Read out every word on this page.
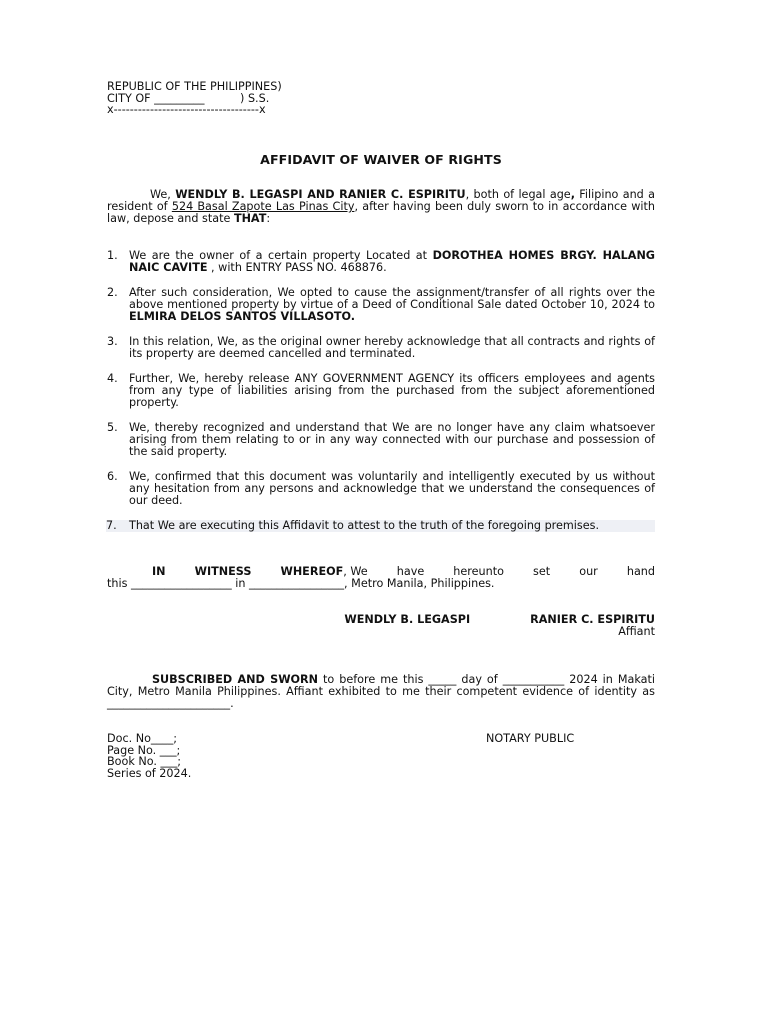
REPUBLIC OF THE PHILIPPINES)
CITY OF _________          ) S.S.
x------------------------------------x
AFFIDAVIT OF WAIVER OF RIGHTS
We, WENDLY B. LEGASPI AND RANIER C. ESPIRITU, both of legal age, Filipino and a resident of 524 Basal Zapote Las Pinas City, after having been duly sworn to in accordance with law, depose and state THAT:
1. We are the owner of a certain property Located at DOROTHEA HOMES BRGY. HALANG NAIC CAVITE , with ENTRY PASS NO. 468876.
2. After such consideration, We opted to cause the assignment/transfer of all rights over the above mentioned property by virtue of a Deed of Conditional Sale dated October 10, 2024 to ELMIRA DELOS SANTOS VILLASOTO.
3. In this relation, We, as the original owner hereby acknowledge that all contracts and rights of its property are deemed cancelled and terminated.
4. Further, We, hereby release ANY GOVERNMENT AGENCY its officers employees and agents from any type of liabilities arising from the purchased from the subject aforementioned property.
5. We, thereby recognized and understand that We are no longer have any claim whatsoever arising from them relating to or in any way connected with our purchase and possession of the said property.
6. We, confirmed that this document was voluntarily and intelligently executed by us without any hesitation from any persons and acknowledge that we understand the consequences of our deed.
7. That We are executing this Affidavit to attest to the truth of the foregoing premises.
IN	WITNESS	WHEREOF, We	have	hereunto	set	our	hand
this __________________ in _________________, Metro Manila, Philippines.
WENDLY B. LEGASPI	RANIER C. ESPIRITU
Affiant
SUBSCRIBED AND SWORN to before me this _____ day of ___________ 2024 in Makati City, Metro Manila Philippines. Affiant exhibited to me their competent evidence of identity as ______________________.
Doc. No____;
Page No. ___;
Book No. ___;
Series of 2024.
NOTARY PUBLIC
